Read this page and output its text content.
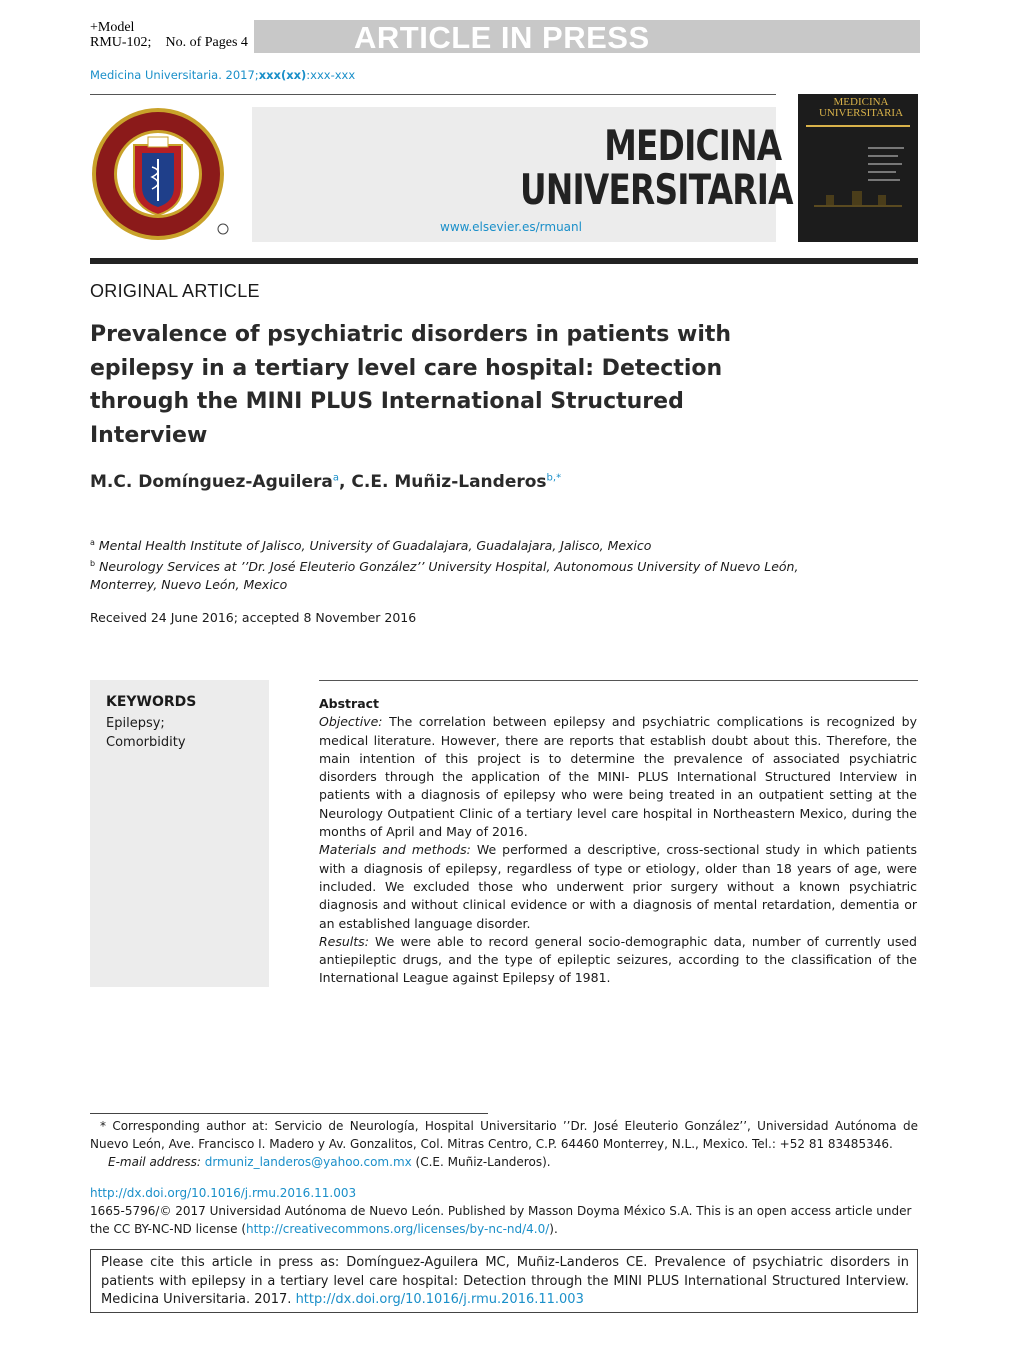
+Model
RMU-102; No. of Pages 4	ARTICLE IN PRESS
Medicina Universitaria. 2017;xxx(xx):xxx-xxx
MEDICINA
UNIVERSITARIA
www.elsevier.es/rmuanl
MEDICINA
UNIVERSITARIA
ORIGINAL ARTICLE
Prevalence of psychiatric disorders in patients with
epilepsy in a tertiary level care hospital: Detection
through the MINI PLUS International Structured
Interview
M.C. Domínguez-Aguilera$^a$, C.E. Muñiz-Landeros$^{b,*}$
$^a$ Mental Health Institute of Jalisco, University of Guadalajara, Guadalajara, Jalisco, Mexico
$^b$ Neurology Services at ’’Dr. José Eleuterio González’’ University Hospital, Autonomous University of Nuevo León,
Monterrey, Nuevo León, Mexico
Received 24 June 2016; accepted 8 November 2016
KEYWORDS
Epilepsy;
Comorbidity
Abstract
Objective: The correlation between epilepsy and psychiatric complications is recognized by medical literature. However, there are reports that establish doubt about this. Therefore, the main intention of this project is to determine the prevalence of associated psychiatric disorders through the application of the MINI- PLUS International Structured Interview in patients with a diagnosis of epilepsy who were being treated in an outpatient setting at the Neurology Outpatient Clinic of a tertiary level care hospital in Northeastern Mexico, during the months of April and May of 2016.
Materials and methods: We performed a descriptive, cross-sectional study in which patients with a diagnosis of epilepsy, regardless of type or etiology, older than 18 years of age, were included. We excluded those who underwent prior surgery without a known psychiatric diagnosis and without clinical evidence or with a diagnosis of mental retardation, dementia or an established language disorder.
Results: We were able to record general socio-demographic data, number of currently used antiepileptic drugs, and the type of epileptic seizures, according to the classification of the International League against Epilepsy of 1981.
* Corresponding author at: Servicio de Neurología, Hospital Universitario ’’Dr. José Eleuterio González’’, Universidad Autónoma de Nuevo León, Ave. Francisco I. Madero y Av. Gonzalitos, Col. Mitras Centro, C.P. 64460 Monterrey, N.L., Mexico. Tel.: +52 81 83485346.
E-mail address: drmuniz_landeros@yahoo.com.mx (C.E. Muñiz-Landeros).
http://dx.doi.org/10.1016/j.rmu.2016.11.003
1665-5796/© 2017 Universidad Autónoma de Nuevo León. Published by Masson Doyma México S.A. This is an open access article under the CC BY-NC-ND license (http://creativecommons.org/licenses/by-nc-nd/4.0/).
Please cite this article in press as: Domínguez-Aguilera MC, Muñiz-Landeros CE. Prevalence of psychiatric disorders in patients with epilepsy in a tertiary level care hospital: Detection through the MINI PLUS International Structured Interview. Medicina Universitaria. 2017. http://dx.doi.org/10.1016/j.rmu.2016.11.003
